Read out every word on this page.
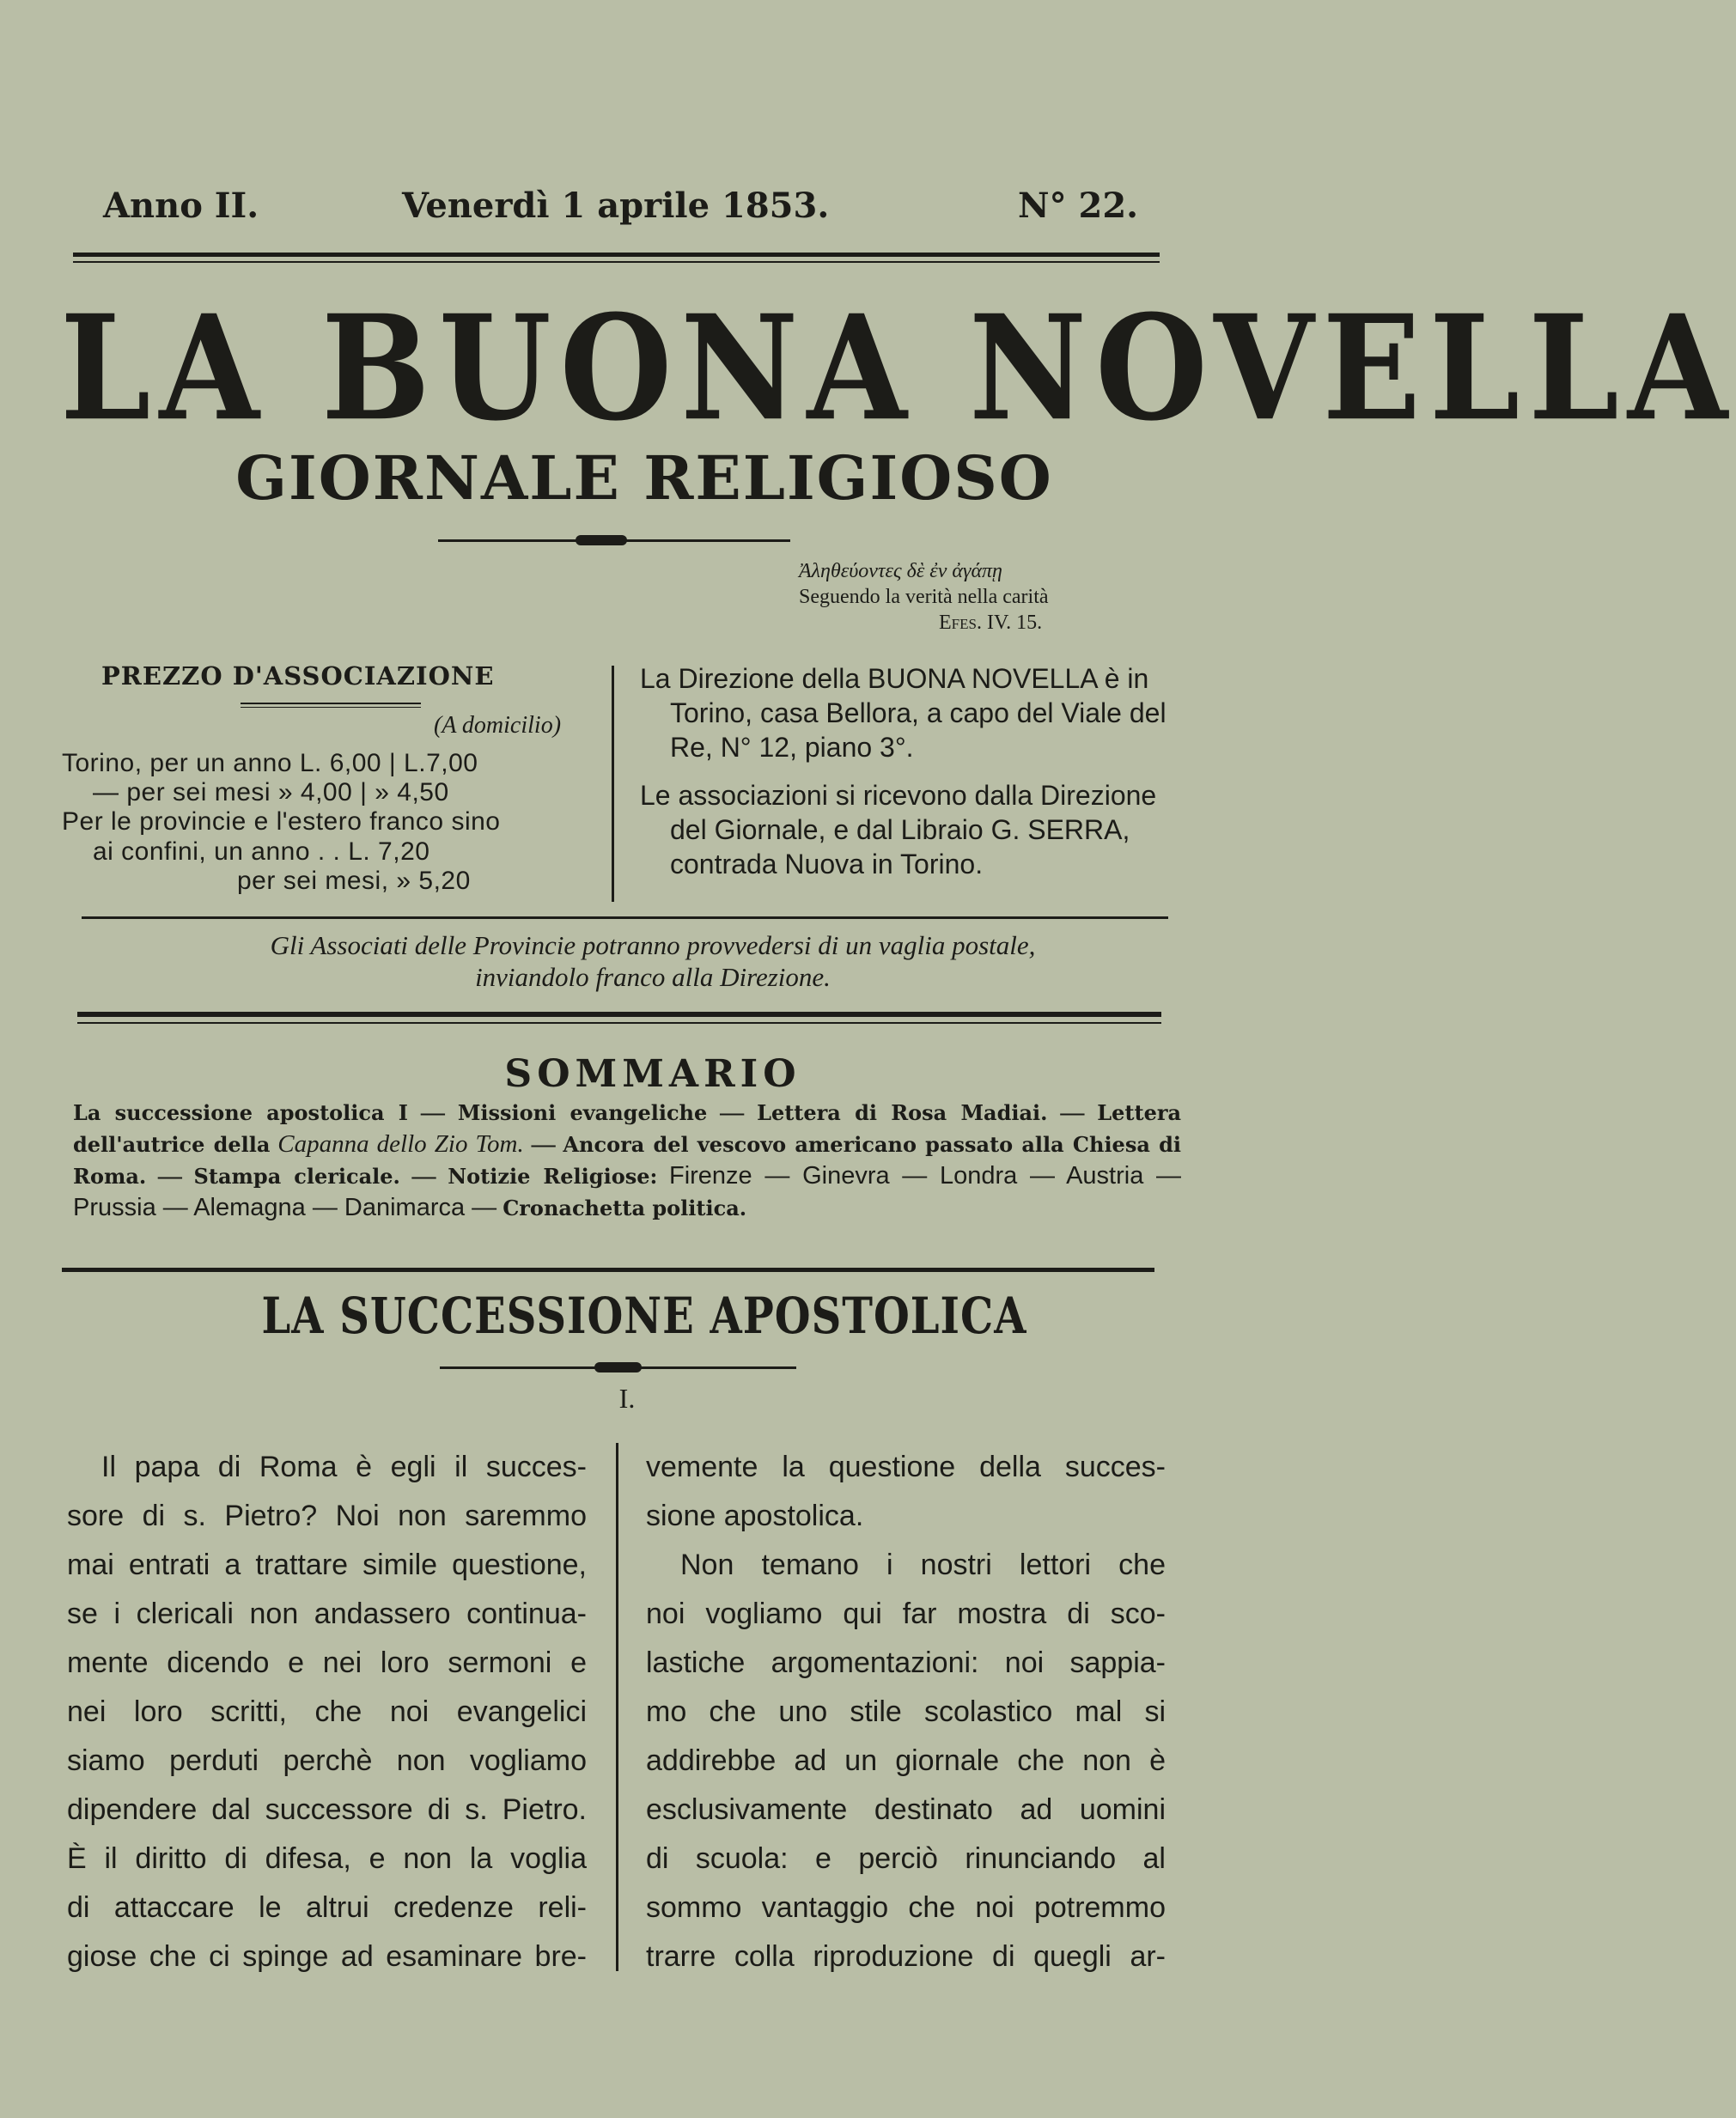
Anno II.	Venerdì 1 aprile 1853.	N° 22.
LA BUONA NOVELLA
GIORNALE RELIGIOSO
Ἀληθεύοντες δὲ ἐν ἀγάπῃ
Seguendo la verità nella carità
Efes. IV. 15.
PREZZO D'ASSOCIAZIONE
(A domicilio)
Torino, per un anno L. 6,00 | L.7,00
— per sei mesi » 4,00 | » 4,50
Per le provincie e l'estero franco sino
ai confini, un anno . . L. 7,20
per sei mesi, » 5,20

La Direzione della BUONA NOVELLA è in Torino, casa Bellora, a capo del Viale del Re, N° 12, piano 3°.

Le associazioni si ricevono dalla Direzione del Giornale, e dal Libraio G. SERRA, contrada Nuova in Torino.

Gli Associati delle Provincie potranno provvedersi di un vaglia postale,
inviandolo franco alla Direzione.
SOMMARIO
La successione apostolica I — Missioni evangeliche — Lettera di Rosa Madiai. — Lettera dell'autrice della Capanna dello Zio Tom. — Ancora del vescovo americano passato alla Chiesa di Roma. — Stampa clericale. — Notizie Religiose: Firenze — Ginevra — Londra — Austria — Prussia — Alemagna — Danimarca — Cronachetta politica.
LA SUCCESSIONE APOSTOLICA
I.
Il papa di Roma è egli il succes-
sore di s. Pietro? Noi non saremmo
mai entrati a trattare simile questione,
se i clericali non andassero continua-
mente dicendo e nei loro sermoni e
nei loro scritti, che noi evangelici
siamo perduti perchè non vogliamo
dipendere dal successore di s. Pietro.
È il diritto di difesa, e non la voglia
di attaccare le altrui credenze reli-
giose che ci spinge ad esaminare bre-
vemente la questione della succes-
sione apostolica.
Non temano i nostri lettori che
noi vogliamo qui far mostra di sco-
lastiche argomentazioni: noi sappia-
mo che uno stile scolastico mal si
addirebbe ad un giornale che non è
esclusivamente destinato ad uomini
di scuola: e perciò rinunciando al
sommo vantaggio che noi potremmo
trarre colla riproduzione di quegli ar-
